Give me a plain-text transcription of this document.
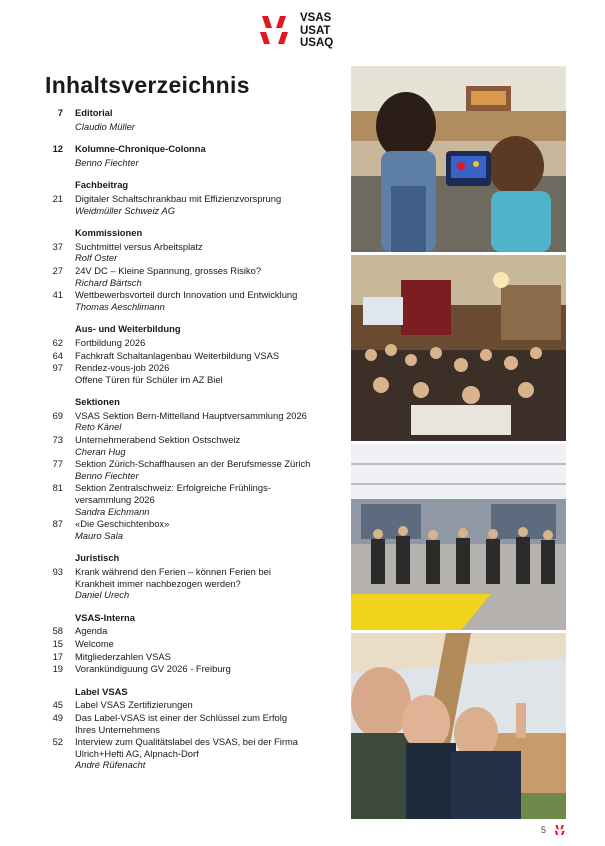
VSAS
USAT
USAQ
Inhaltsverzeichnis
7 Editorial
Claudio Müller
12 Kolumne-Chronique-Colonna
Benno Fiechter
Fachbeitrag
21 Digitaler Schaltschrankbau mit Effizienzvorsprung
Weidmüller Schweiz AG
Kommissionen
37 Suchtmittel versus Arbeitsplatz
Rolf Oster
27 24V DC – Kleine Spannung, grosses Risiko?
Richard Bärtsch
41 Wettbewerbsvorteil durch Innovation und Entwicklung
Thomas Aeschlimann
Aus- und Weiterbildung
62 Fortbildung 2026
64 Fachkraft Schaltanlagenbau Weiterbildung VSAS
97 Rendez-vous-job 2026
Offene Türen für Schüler im AZ Biel
Sektionen
69 VSAS Sektion Bern-Mittelland Hauptversammlung 2026
Reto Känel
73 Unternehmerabend Sektion Ostschweiz
Cheran Hug
77 Sektion Zürich-Schaffhausen an der Berufsmesse Zürich
Benno Fiechter
81 Sektion Zentralschweiz: Erfolgreiche Frühlings-
versammlung 2026
Sandra Eichmann
87 «Die Geschichtenbox»
Mauro Sala
Juristisch
93 Krank während den Ferien – können Ferien bei
Krankheit immer nachbezogen werden?
Daniel Urech
VSAS-Interna
58 Agenda
15 Welcome
17 Mitgliederzahlen VSAS
19 Vorankündiguung GV 2026 - Freiburg
Label VSAS
45 Label VSAS Zertifizierungen
49 Das Label-VSAS ist einer der Schlüssel zum Erfolg
Ihres Unternehmens
52 Interview zum Qualitätslabel des VSAS, bei der Firma
Ulrich+Hefti AG, Alpnach-Dorf
André Rüfenacht
5
